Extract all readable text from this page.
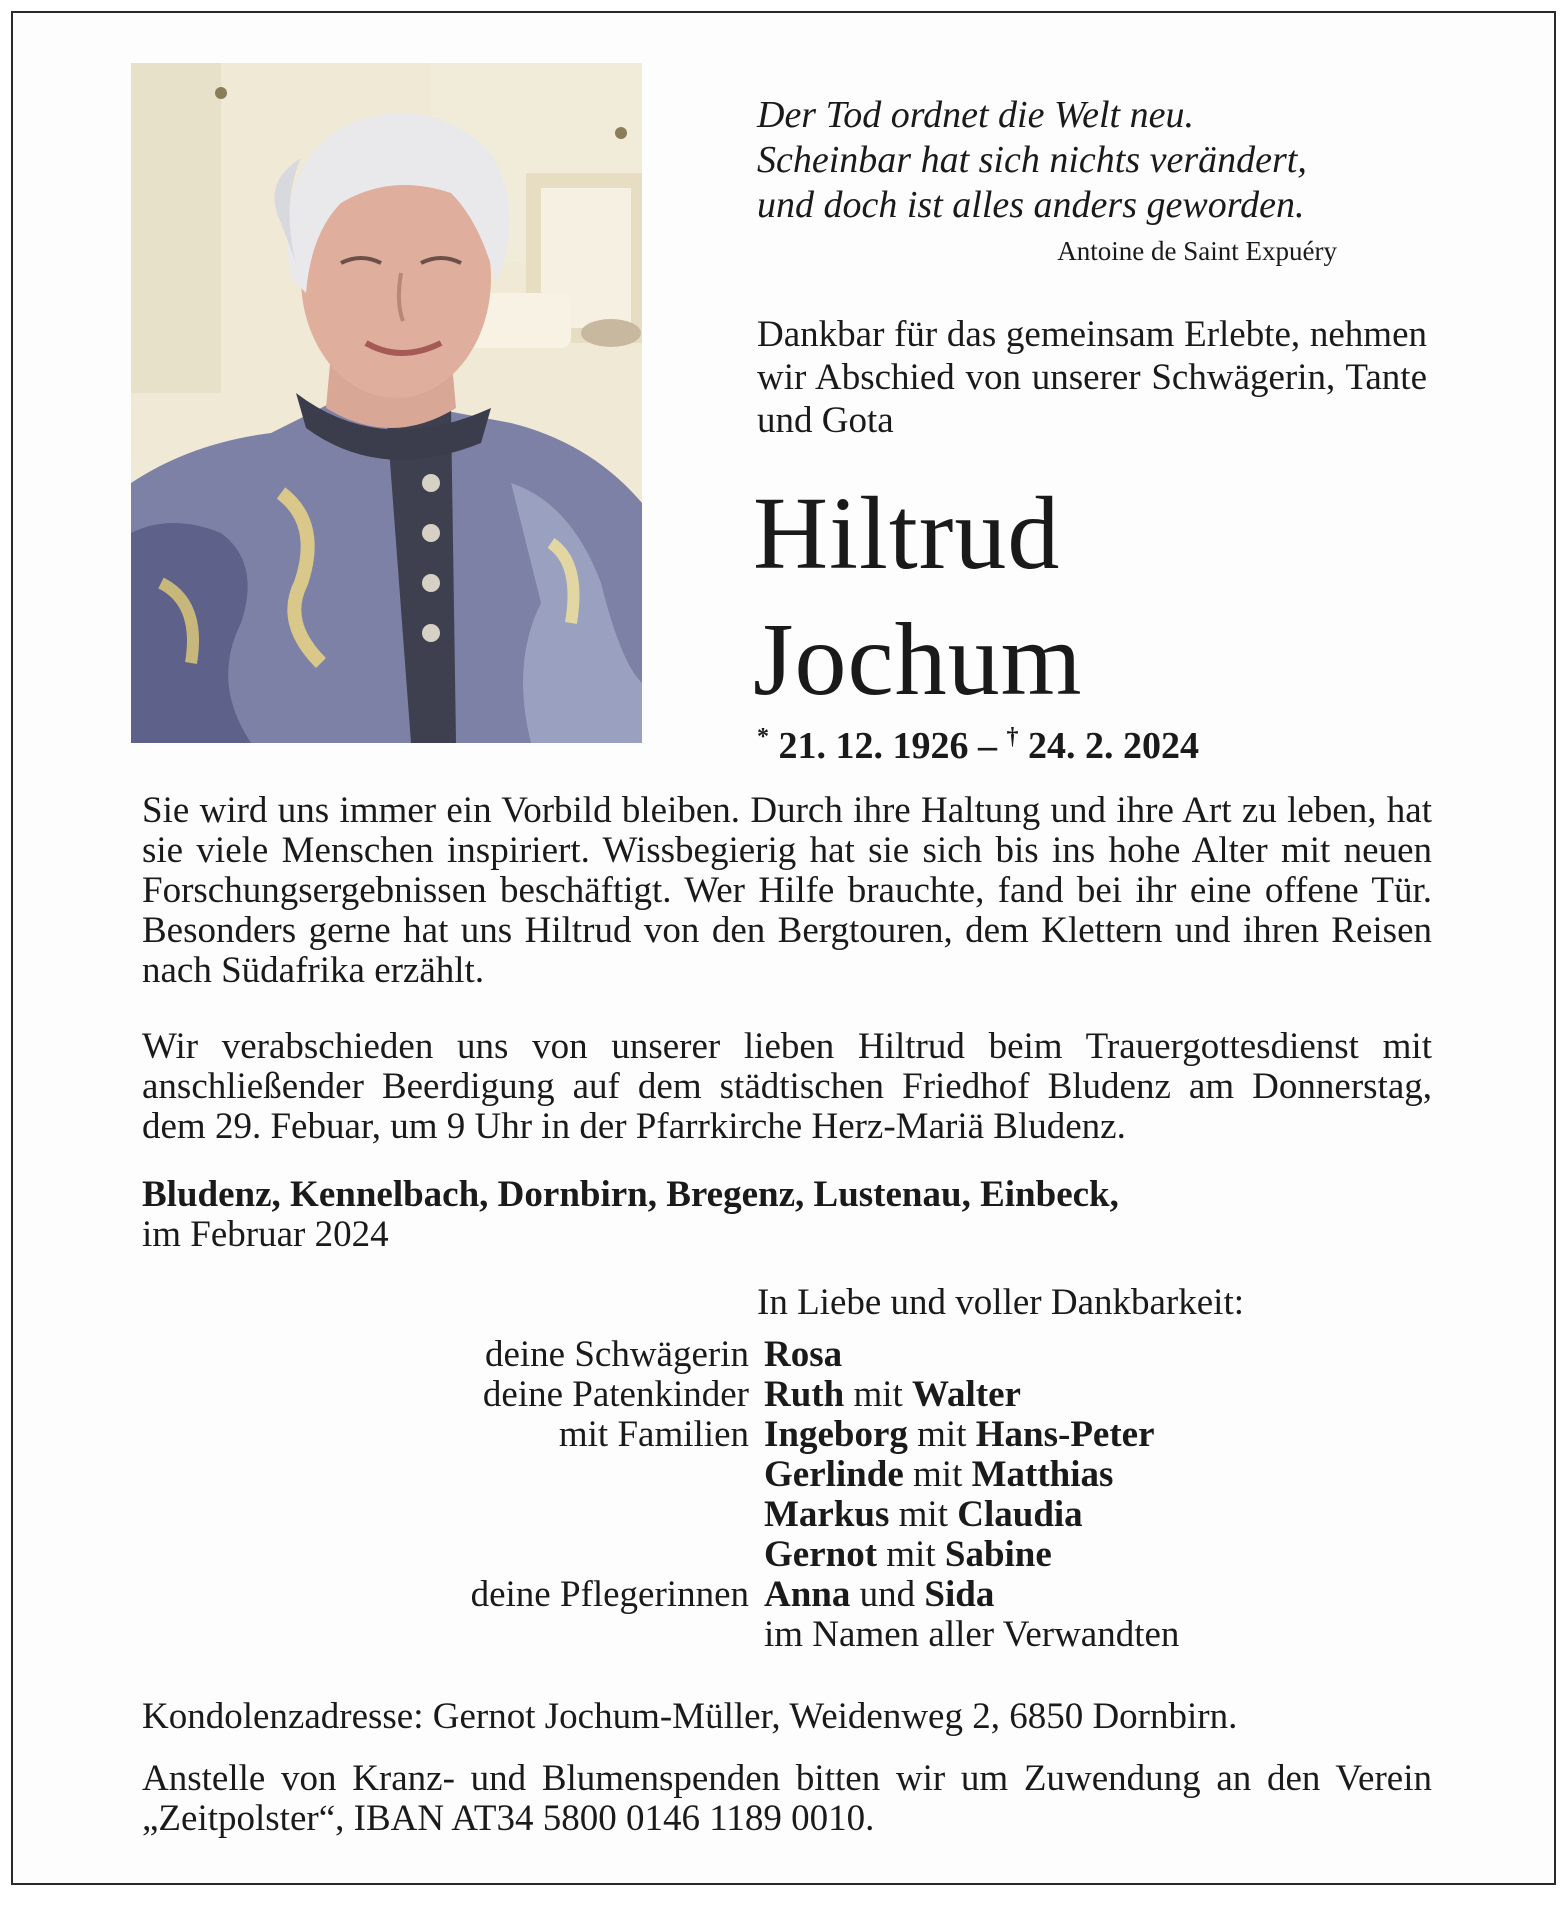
Der Tod ordnet die Welt neu.
Scheinbar hat sich nichts verändert,
und doch ist alles anders geworden.
Antoine de Saint Expuéry
Dankbar für das gemeinsam Erlebte, nehmen wir Abschied von unserer Schwägerin, Tante und Gota
Hiltrud
Jochum
* 21. 12. 1926 – † 24. 2. 2024
Sie wird uns immer ein Vorbild bleiben. Durch ihre Haltung und ihre Art zu leben, hat sie viele Menschen inspiriert. Wissbegierig hat sie sich bis ins hohe Alter mit neuen Forschungsergebnissen beschäftigt. Wer Hilfe brauchte, fand bei ihr eine offene Tür. Besonders gerne hat uns Hiltrud von den Bergtouren, dem Klettern und ihren Reisen nach Südafrika erzählt.
Wir verabschieden uns von unserer lieben Hiltrud beim Trauergottesdienst mit anschließender Beerdigung auf dem städtischen Friedhof Bludenz am Donnerstag, dem 29. Febuar, um 9 Uhr in der Pfarrkirche Herz-Mariä Bludenz.
Bludenz, Kennelbach, Dornbirn, Bregenz, Lustenau, Einbeck,
im Februar 2024
In Liebe und voller Dankbarkeit:
deine Schwägerin	Rosa
deine Patenkinder	Ruth mit Walter
mit Familien	Ingeborg mit Hans-Peter
	Gerlinde mit Matthias
	Markus mit Claudia
	Gernot mit Sabine
deine Pflegerinnen	Anna und Sida
	im Namen aller Verwandten
Kondolenzadresse: Gernot Jochum-Müller, Weidenweg 2, 6850 Dornbirn.
Anstelle von Kranz- und Blumenspenden bitten wir um Zuwendung an den Verein „Zeitpolster“, IBAN AT34 5800 0146 1189 0010.
